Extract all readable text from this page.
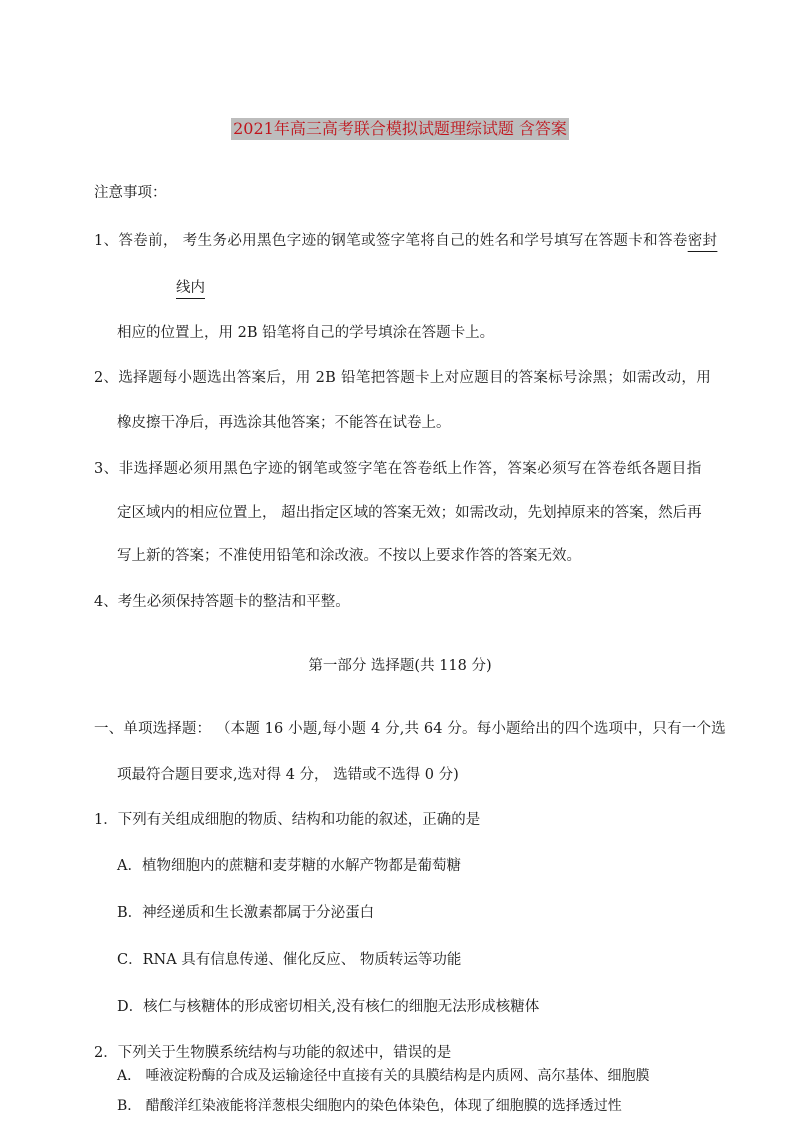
2021年高三高考联合模拟试题理综试题 含答案
注意事项：
1、答卷前， 考生务必用黑色字迹的钢笔或签字笔将自己的姓名和学号填写在答题卡和答卷密封
线内
相应的位置上，用 2B 铅笔将自己的学号填涂在答题卡上。
2、选择题每小题选出答案后，用 2B 铅笔把答题卡上对应题目的答案标号涂黑；如需改动，用
橡皮擦干净后，再选涂其他答案；不能答在试卷上。
3、非选择题必须用黑色字迹的钢笔或签字笔在答卷纸上作答，答案必须写在答卷纸各题目指
定区域内的相应位置上， 超出指定区域的答案无效；如需改动，先划掉原来的答案，然后再
写上新的答案；不准使用铅笔和涂改液。不按以上要求作答的答案无效。
4、考生必须保持答题卡的整洁和平整。
第一部分 选择题(共 118 分)
一、单项选择题： （本题 16 小题,每小题 4 分,共 64 分。每小题给出的四个选项中，只有一个选
项最符合题目要求,选对得 4 分， 选错或不选得 0 分)
1．下列有关组成细胞的物质、结构和功能的叙述，正确的是
A．植物细胞内的蔗糖和麦芽糖的水解产物都是葡萄糖
B．神经递质和生长激素都属于分泌蛋白
C．RNA 具有信息传递、催化反应、 物质转运等功能
D．核仁与核糖体的形成密切相关,没有核仁的细胞无法形成核糖体
2．下列关于生物膜系统结构与功能的叙述中，错误的是
A． 唾液淀粉酶的合成及运输途径中直接有关的具膜结构是内质网、高尔基体、细胞膜
B． 醋酸洋红染液能将洋葱根尖细胞内的染色体染色，体现了细胞膜的选择透过性
